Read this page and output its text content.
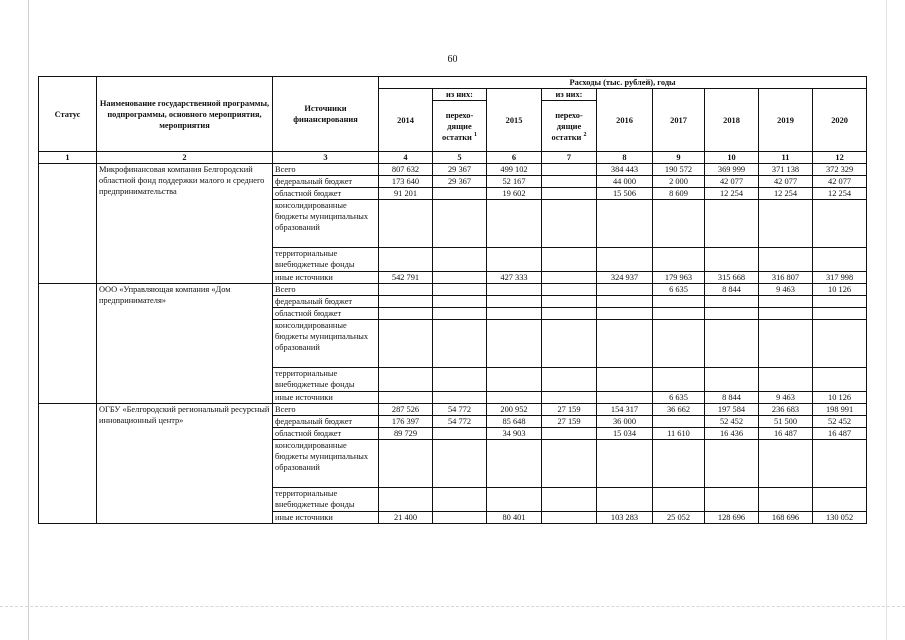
60
Статус	Наименование государственной программы, подпрограммы, основного мероприятия, мероприятия	Источники финансирования	Расходы (тыс. рублей), годы								
			2014	из них:	2015	из них:	2016	2017	2018	2019	2020
				перехо-дящие остатки $^1$		перехо-дящие остатки $^2$
1	2	3	4	5	6	7	8	9	10	11	12
	Микрофинансовая компания Белгородский областной фонд поддержки малого и среднего предпринимательства	Всего	807 632	29 367	499 102		384 443	190 572	369 999	371 138	372 329
		федеральный бюджет	173 640	29 367	52 167		44 000	2 000	42 077	42 077	42 077
		областной бюджет	91 201		19 602		15 506	8 609	12 254	12 254	12 254
		консолидированные бюджеты муниципальных образований									
		территориальные внебюджетные фонды									
		иные источники	542 791		427 333		324 937	179 963	315 668	316 807	317 998
	ООО «Управляющая компания «Дом предпринимателя»	Всего						6 635	8 844	9 463	10 126
		федеральный бюджет									
		областной бюджет									
		консолидированные бюджеты муниципальных образований									
		территориальные внебюджетные фонды									
		иные источники						6 635	8 844	9 463	10 126
	ОГБУ «Белгородский региональный ресурсный инновационный центр»	Всего	287 526	54 772	200 952	27 159	154 317	36 662	197 584	236 683	198 991
		федеральный бюджет	176 397	54 772	85 648	27 159	36 000		52 452	51 500	52 452
		областной бюджет	89 729		34 903		15 034	11 610	16 436	16 487	16 487
		консолидированные бюджеты муниципальных образований									
		территориальные внебюджетные фонды									
		иные источники	21 400		80 401		103 283	25 052	128 696	168 696	130 052
